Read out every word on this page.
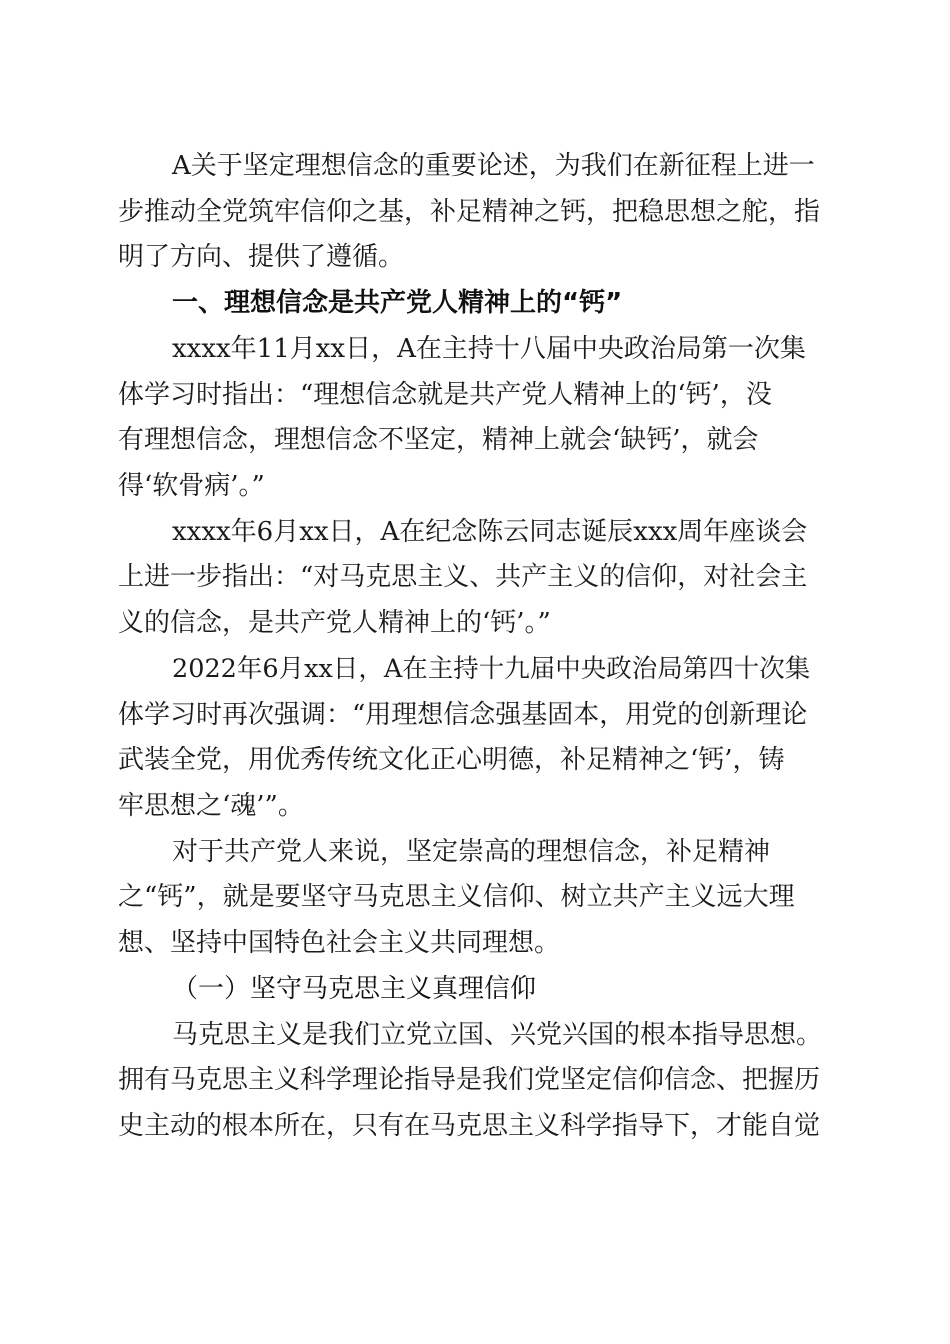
A关于坚定理想信念的重要论述，为我们在新征程上进一
步推动全党筑牢信仰之基，补足精神之钙，把稳思想之舵，指
明了方向、提供了遵循。
一、理想信念是共产党人精神上的“钙”
xxxx年11月xx日，A在主持十八届中央政治局第一次集
体学习时指出：“理想信念就是共产党人精神上的‘钙’，没
有理想信念，理想信念不坚定，精神上就会‘缺钙’，就会
得‘软骨病’。”
xxxx年6月xx日，A在纪念陈云同志诞辰xxx周年座谈会
上进一步指出：“对马克思主义、共产主义的信仰，对社会主
义的信念，是共产党人精神上的‘钙’。”
2022年6月xx日，A在主持十九届中央政治局第四十次集
体学习时再次强调：“用理想信念强基固本，用党的创新理论
武装全党，用优秀传统文化正心明德，补足精神之‘钙’，铸
牢思想之‘魂’”。
对于共产党人来说，坚定崇高的理想信念，补足精神
之“钙”，就是要坚守马克思主义信仰、树立共产主义远大理
想、坚持中国特色社会主义共同理想。
（一）坚守马克思主义真理信仰
马克思主义是我们立党立国、兴党兴国的根本指导思想。
拥有马克思主义科学理论指导是我们党坚定信仰信念、把握历
史主动的根本所在，只有在马克思主义科学指导下，才能自觉
